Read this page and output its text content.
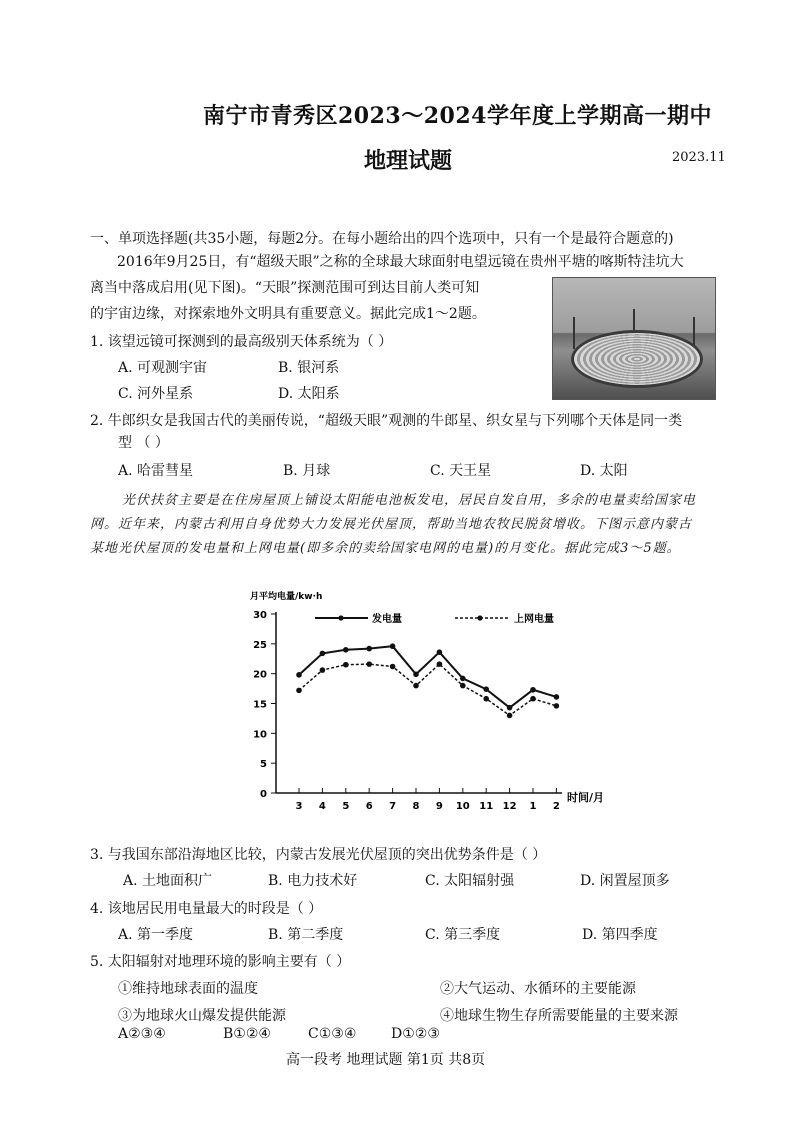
南宁市青秀区2023～2024学年度上学期高一期中
地理试题	2023.11
一、单项选择题(共35小题，每题2分。在每小题给出的四个选项中，只有一个是最符合题意的)
2016年9月25日，有“超级天眼”之称的全球最大球面射电望远镜在贵州平塘的喀斯特洼坑大
离当中落成启用(见下图)。“天眼”探测范围可到达目前人类可知
的宇宙边缘，对探索地外文明具有重要意义。据此完成1～2题。
1. 该望远镜可探测到的最高级别天体系统为（ ）
A. 可观测宇宙	B. 银河系
C. 河外星系	D. 太阳系
2. 牛郎织女是我国古代的美丽传说，“超级天眼”观测的牛郎星、织女星与下列哪个天体是同一类
型 （ ）
A. 哈雷彗星	B. 月球	C. 天王星	D. 太阳
光伏扶贫主要是在住房屋顶上铺设太阳能电池板发电，居民自发自用，多余的电量卖给国家电
网。近年来，内蒙古利用自身优势大力发展光伏屋顶，帮助当地农牧民脱贫增收。下图示意内蒙古
某地光伏屋顶的发电量和上网电量(即多余的卖给国家电网的电量)的月变化。据此完成3～5题。
月平均电量/kw·h
0
5
10
15
20
25
30
3 4 5 6 7 8 9 10 11 12 1 2
发电量	上网电量
时间/月
3. 与我国东部沿海地区比较，内蒙古发展光伏屋顶的突出优势条件是（ ）
A. 土地面积广	B. 电力技术好	C. 太阳辐射强	D. 闲置屋顶多
4. 该地居民用电量最大的时段是（ ）
A. 第一季度	B. 第二季度	C. 第三季度	D. 第四季度
5. 太阳辐射对地理环境的影响主要有（ ）
①维持地球表面的温度	②大气运动、水循环的主要能源
③为地球火山爆发提供能源	④地球生物生存所需要能量的主要来源
A②③④	B①②④	C①③④ D①②③
高一段考 地理试题 第1页 共8页
